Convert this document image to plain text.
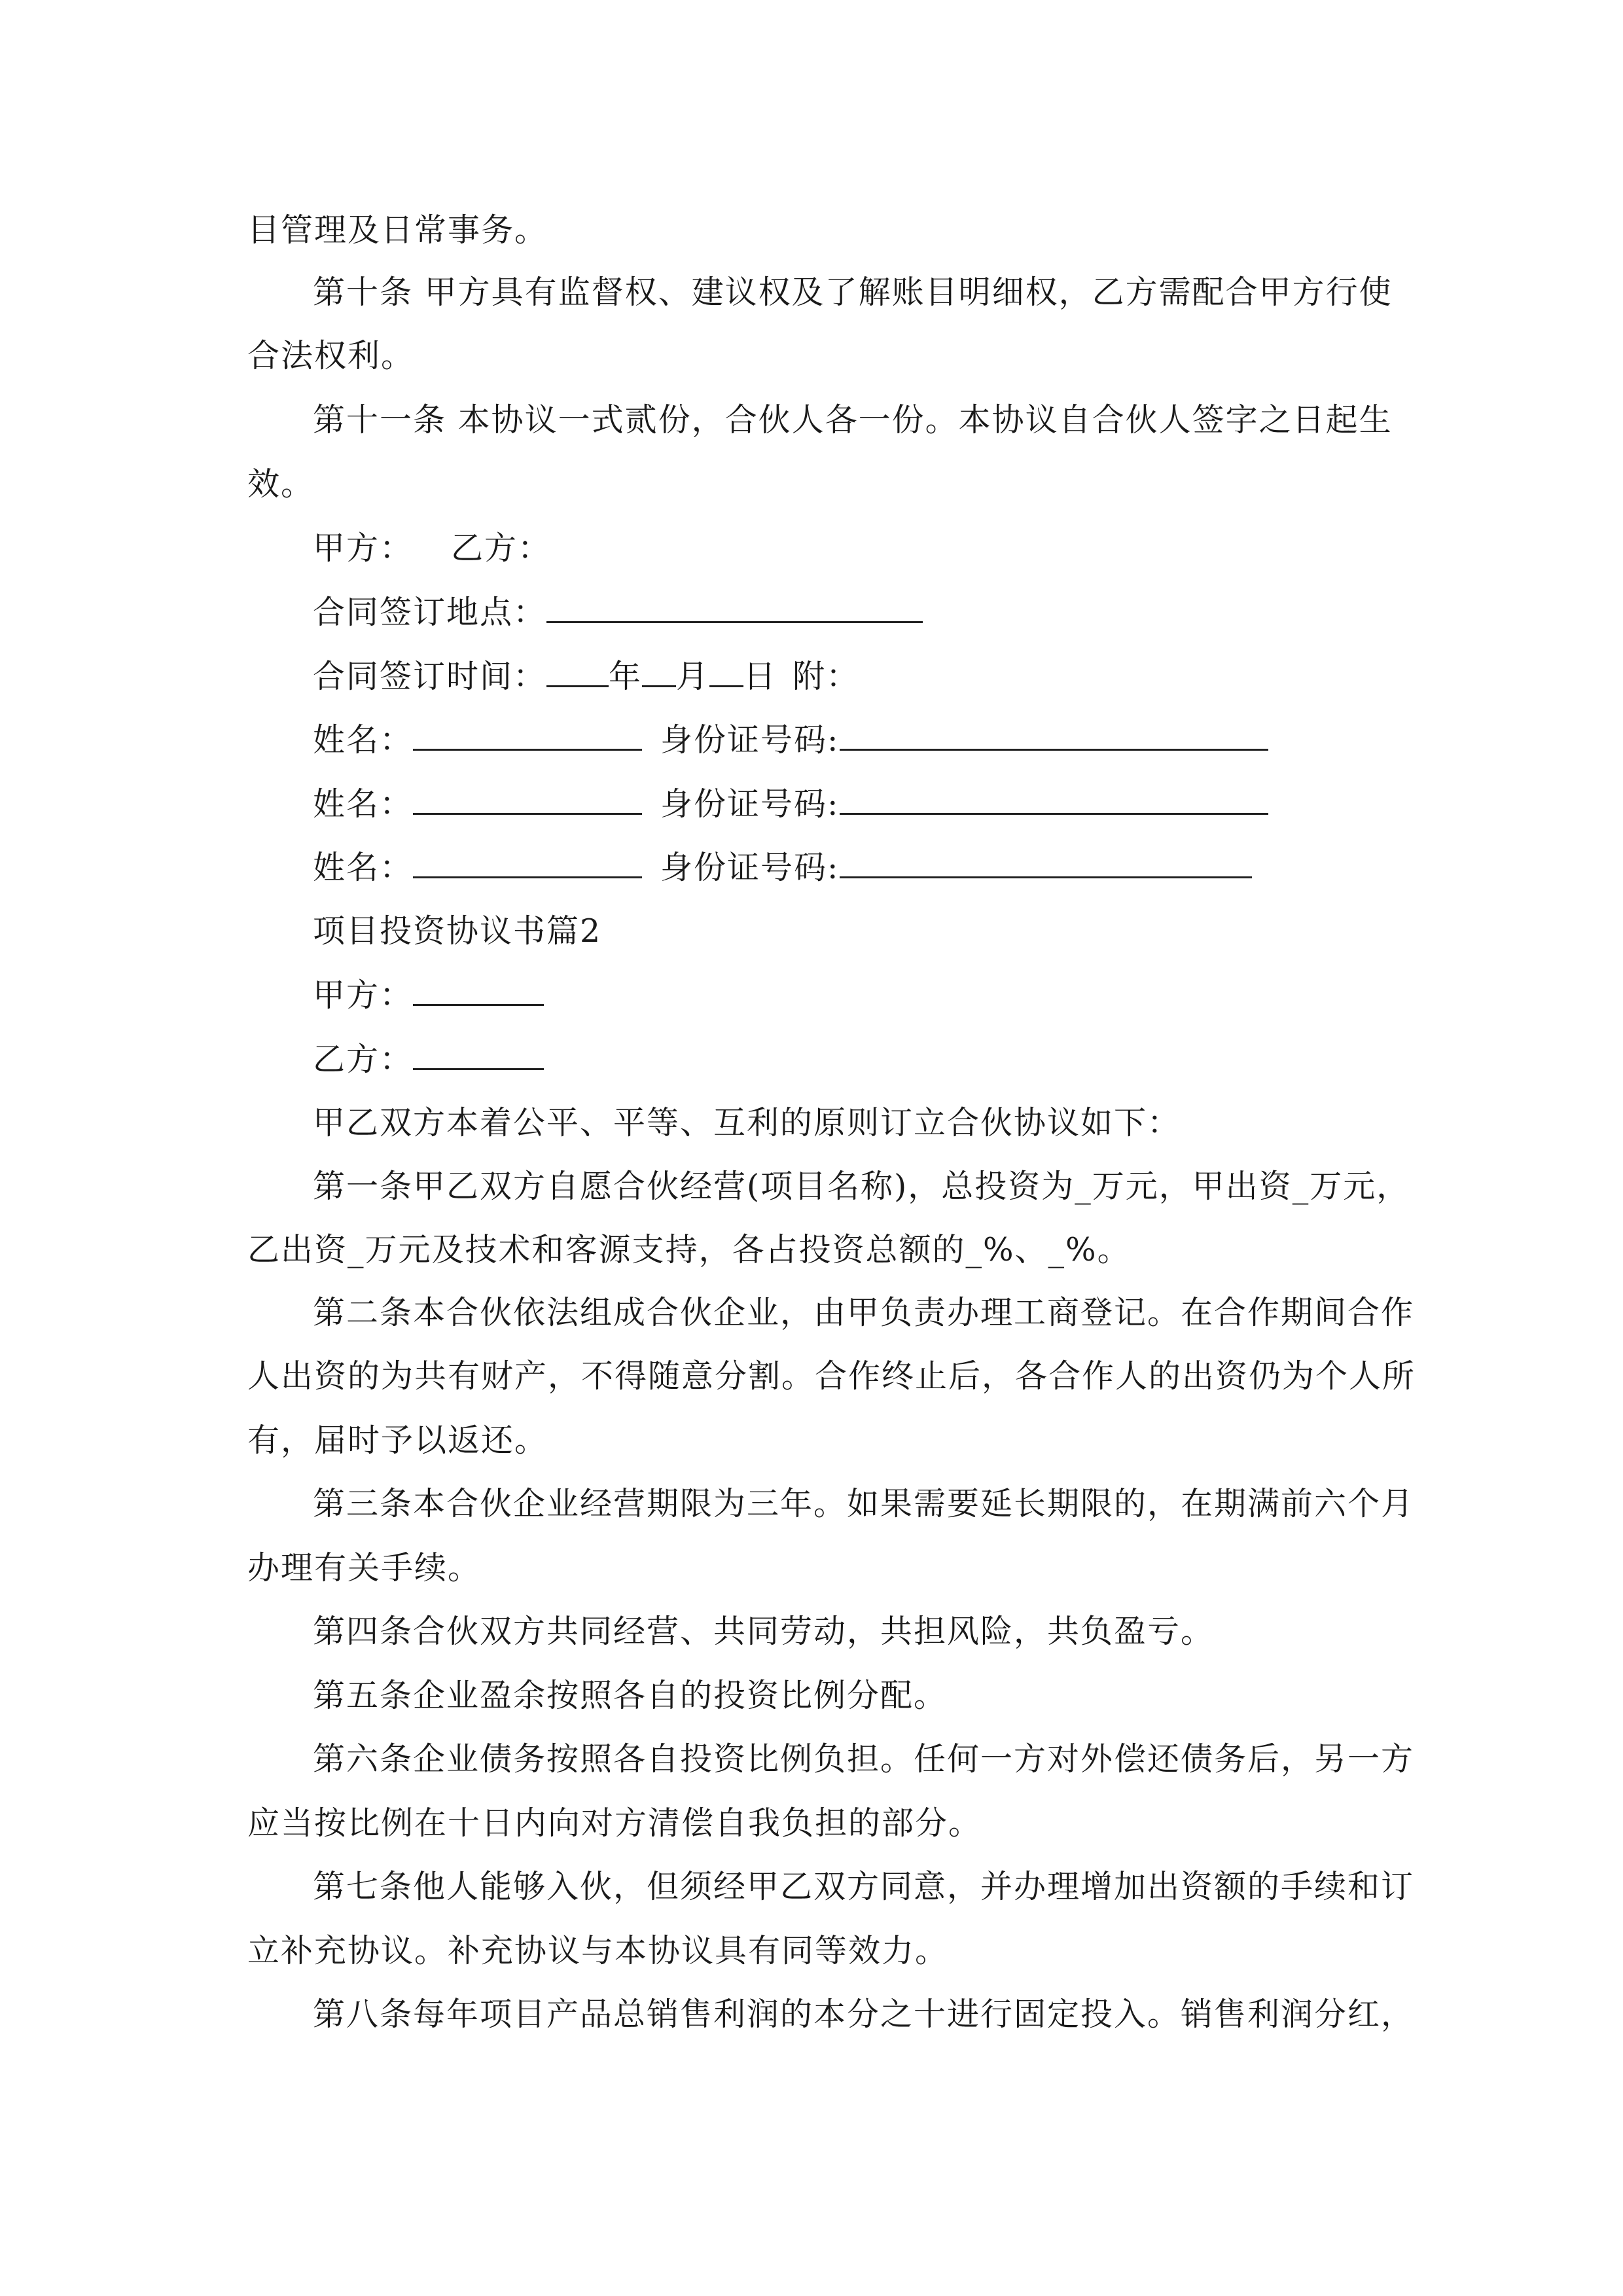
目管理及日常事务。
第十条 甲方具有监督权、建议权及了解账目明细权，乙方需配合甲方行使
合法权利。
第十一条 本协议一式贰份，合伙人各一份。本协议自合伙人签字之日起生
效。
甲方： 乙方：
合同签订地点：
合同签订时间： 年 月 日 附：
姓名：	身份证号码:
姓名：	身份证号码:
姓名：	身份证号码:
项目投资协议书篇2
甲方：
乙方：
甲乙双方本着公平、平等、互利的原则订立合伙协议如下：
第一条甲乙双方自愿合伙经营(项目名称)，总投资为_万元，甲出资_万元，
乙出资_万元及技术和客源支持，各占投资总额的_%、_%。
第二条本合伙依法组成合伙企业，由甲负责办理工商登记。在合作期间合作
人出资的为共有财产，不得随意分割。合作终止后，各合作人的出资仍为个人所
有，届时予以返还。
第三条本合伙企业经营期限为三年。如果需要延长期限的，在期满前六个月
办理有关手续。
第四条合伙双方共同经营、共同劳动，共担风险，共负盈亏。
第五条企业盈余按照各自的投资比例分配。
第六条企业债务按照各自投资比例负担。任何一方对外偿还债务后，另一方
应当按比例在十日内向对方清偿自我负担的部分。
第七条他人能够入伙，但须经甲乙双方同意，并办理增加出资额的手续和订
立补充协议。补充协议与本协议具有同等效力。
第八条每年项目产品总销售利润的本分之十进行固定投入。销售利润分红，
